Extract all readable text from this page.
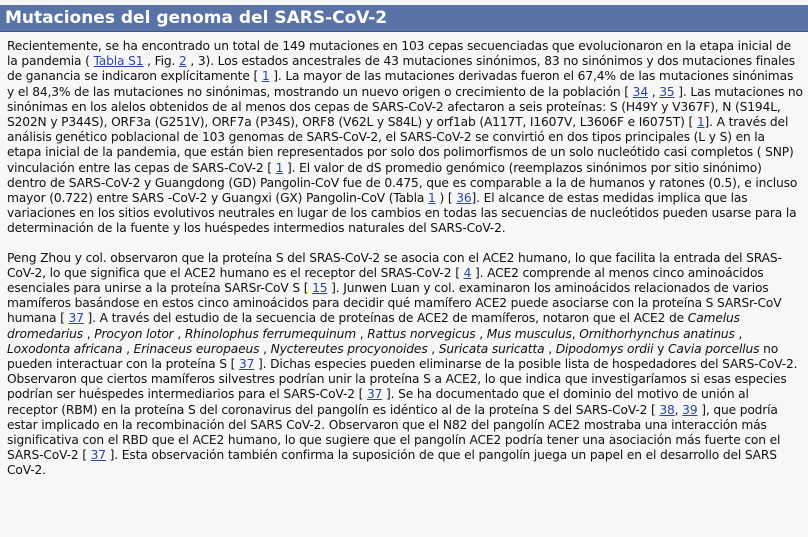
Mutaciones del genoma del SARS-CoV-2

Recientemente, se ha encontrado un total de 149 mutaciones en 103 cepas secuenciadas que evolucionaron en la etapa inicial de la pandemia ( Tabla S1 , Fig. 2 , 3). Los estados ancestrales de 43 mutaciones sinónimos, 83 no sinónimos y dos mutaciones finales de ganancia se indicaron explícitamente [ 1 ]. La mayor de las mutaciones derivadas fueron el 67,4% de las mutaciones sinónimas y el 84,3% de las mutaciones no sinónimas, mostrando un nuevo origen o crecimiento de la población [ 34 , 35 ]. Las mutaciones no sinónimas en los alelos obtenidos de al menos dos cepas de SARS-CoV-2 afectaron a seis proteínas: S (H49Y y V367F), N (S194L, S202N y P344S), ORF3a (G251V), ORF7a (P34S), ORF8 (V62L y S84L) y orf1ab (A117T, I1607V, L3606F e I6075T) [ 1]. A través del análisis genético poblacional de 103 genomas de SARS-CoV-2, el SARS-CoV-2 se convirtió en dos tipos principales (L y S) en la etapa inicial de la pandemia, que están bien representados por solo dos polimorfismos de un solo nucleótido casi completos ( SNP) vinculación entre las cepas de SARS-CoV-2 [ 1 ]. El valor de dS promedio genómico (reemplazos sinónimos por sitio sinónimo) dentro de SARS-CoV-2 y Guangdong (GD) Pangolin-CoV fue de 0.475, que es comparable a la de humanos y ratones (0.5), e incluso mayor (0.722) entre SARS -CoV-2 y Guangxi (GX) Pangolin-CoV (Tabla 1 ) [ 36]. El alcance de estas medidas implica que las variaciones en los sitios evolutivos neutrales en lugar de los cambios en todas las secuencias de nucleótidos pueden usarse para la determinación de la fuente y los huéspedes intermedios naturales del SARS-CoV-2.

Peng Zhou y col. observaron que la proteína S del SRAS-CoV-2 se asocia con el ACE2 humano, lo que facilita la entrada del SRAS-CoV-2, lo que significa que el ACE2 humano es el receptor del SRAS-CoV-2 [ 4 ]. ACE2 comprende al menos cinco aminoácidos esenciales para unirse a la proteína SARSr-CoV S [ 15 ]. Junwen Luan y col. examinaron los aminoácidos relacionados de varios mamíferos basándose en estos cinco aminoácidos para decidir qué mamífero ACE2 puede asociarse con la proteína S SARSr-CoV humana [ 37 ]. A través del estudio de la secuencia de proteínas de ACE2 de mamíferos, notaron que el ACE2 de Camelus dromedarius , Procyon lotor , Rhinolophus ferrumequinum , Rattus norvegicus , Mus musculus, Ornithorhynchus anatinus , Loxodonta africana , Erinaceus europaeus , Nyctereutes procyonoides , Suricata suricatta , Dipodomys ordii y Cavia porcellus no pueden interactuar con la proteína S [ 37 ]. Dichas especies pueden eliminarse de la posible lista de hospedadores del SARS-CoV-2. Observaron que ciertos mamíferos silvestres podrían unir la proteína S a ACE2, lo que indica que investigaríamos si esas especies podrían ser huéspedes intermediarios para el SARS-CoV-2 [ 37 ]. Se ha documentado que el dominio del motivo de unión al receptor (RBM) en la proteína S del coronavirus del pangolín es idéntico al de la proteína S del SARS-CoV-2 [ 38, 39 ], que podría estar implicado en la recombinación del SARS CoV-2. Observaron que el N82 del pangolín ACE2 mostraba una interacción más significativa con el RBD que el ACE2 humano, lo que sugiere que el pangolín ACE2 podría tener una asociación más fuerte con el SARS-CoV-2 [ 37 ]. Esta observación también confirma la suposición de que el pangolín juega un papel en el desarrollo del SARS CoV-2.
